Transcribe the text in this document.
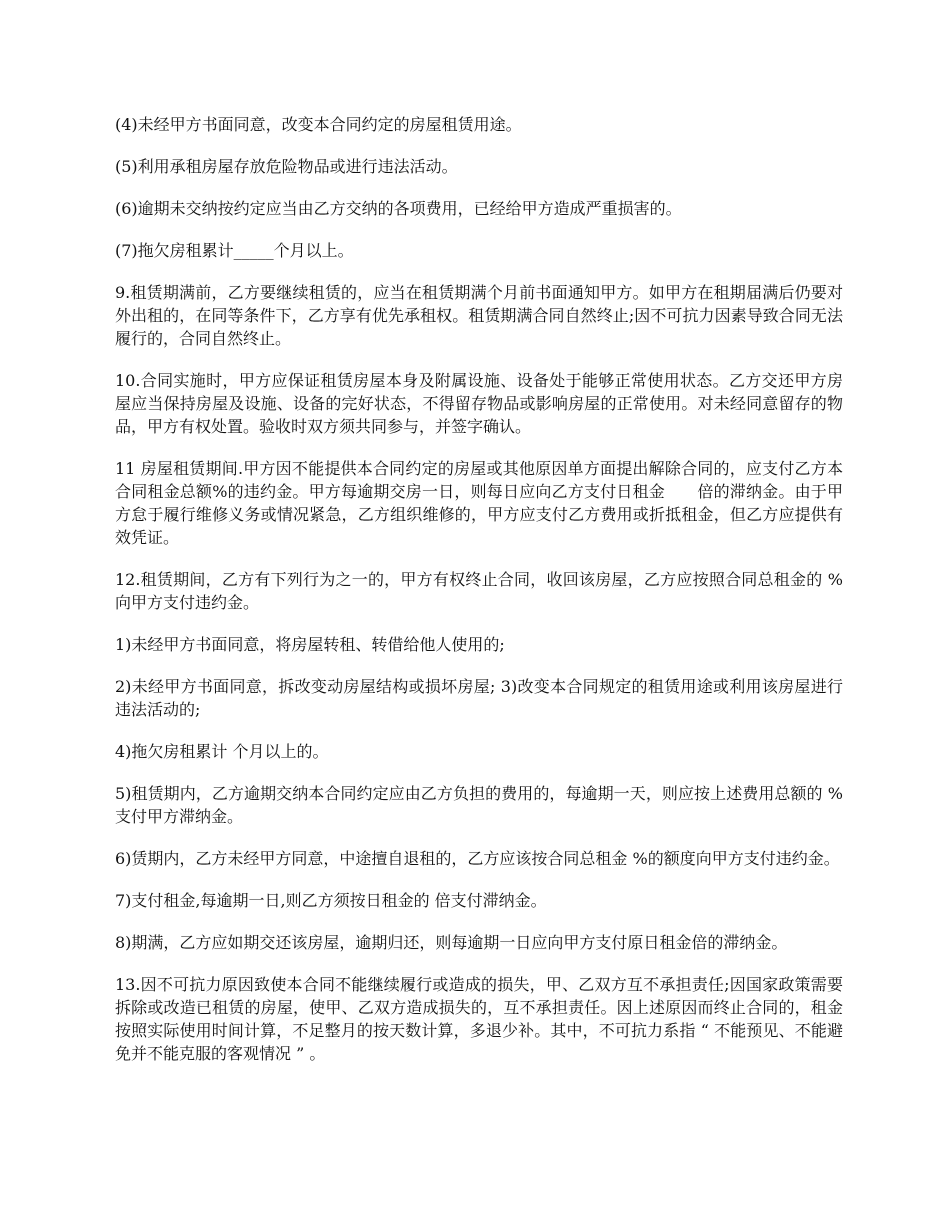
(4)未经甲方书面同意，改变本合同约定的房屋租赁用途。

(5)利用承租房屋存放危险物品或进行违法活动。

(6)逾期未交纳按约定应当由乙方交纳的各项费用，已经给甲方造成严重损害的。

(7)拖欠房租累计_____个月以上。

9.租赁期满前，乙方要继续租赁的，应当在租赁期满个月前书面通知甲方。如甲方在租期届满后仍要对外出租的，在同等条件下，乙方享有优先承租权。租赁期满合同自然终止;因不可抗力因素导致合同无法履行的，合同自然终止。

10.合同实施时，甲方应保证租赁房屋本身及附属设施、设备处于能够正常使用状态。乙方交还甲方房屋应当保持房屋及设施、设备的完好状态，不得留存物品或影响房屋的正常使用。对未经同意留存的物品，甲方有权处置。验收时双方须共同参与，并签字确认。

11 房屋租赁期间.甲方因不能提供本合同约定的房屋或其他原因单方面提出解除合同的，应支付乙方本合同租金总额%的违约金。甲方每逾期交房一日，则每日应向乙方支付日租金　　倍的滞纳金。由于甲方怠于履行维修义务或情况紧急，乙方组织维修的，甲方应支付乙方费用或折抵租金，但乙方应提供有效凭证。

12.租赁期间，乙方有下列行为之一的，甲方有权终止合同，收回该房屋，乙方应按照合同总租金的 %向甲方支付违约金。

1)未经甲方书面同意，将房屋转租、转借给他人使用的;

2)未经甲方书面同意，拆改变动房屋结构或损坏房屋; 3)改变本合同规定的租赁用途或利用该房屋进行违法活动的;

4)拖欠房租累计 个月以上的。

5)租赁期内，乙方逾期交纳本合同约定应由乙方负担的费用的，每逾期一天，则应按上述费用总额的 %支付甲方滞纳金。

6)赁期内，乙方未经甲方同意，中途擅自退租的，乙方应该按合同总租金 %的额度向甲方支付违约金。

7)支付租金,每逾期一日,则乙方须按日租金的 倍支付滞纳金。

8)期满，乙方应如期交还该房屋，逾期归还，则每逾期一日应向甲方支付原日租金倍的滞纳金。

13.因不可抗力原因致使本合同不能继续履行或造成的损失，甲、乙双方互不承担责任;因国家政策需要拆除或改造已租赁的房屋，使甲、乙双方造成损失的，互不承担责任。因上述原因而终止合同的，租金按照实际使用时间计算，不足整月的按天数计算，多退少补。其中，不可抗力系指 “ 不能预见、不能避免并不能克服的客观情况 ” 。
